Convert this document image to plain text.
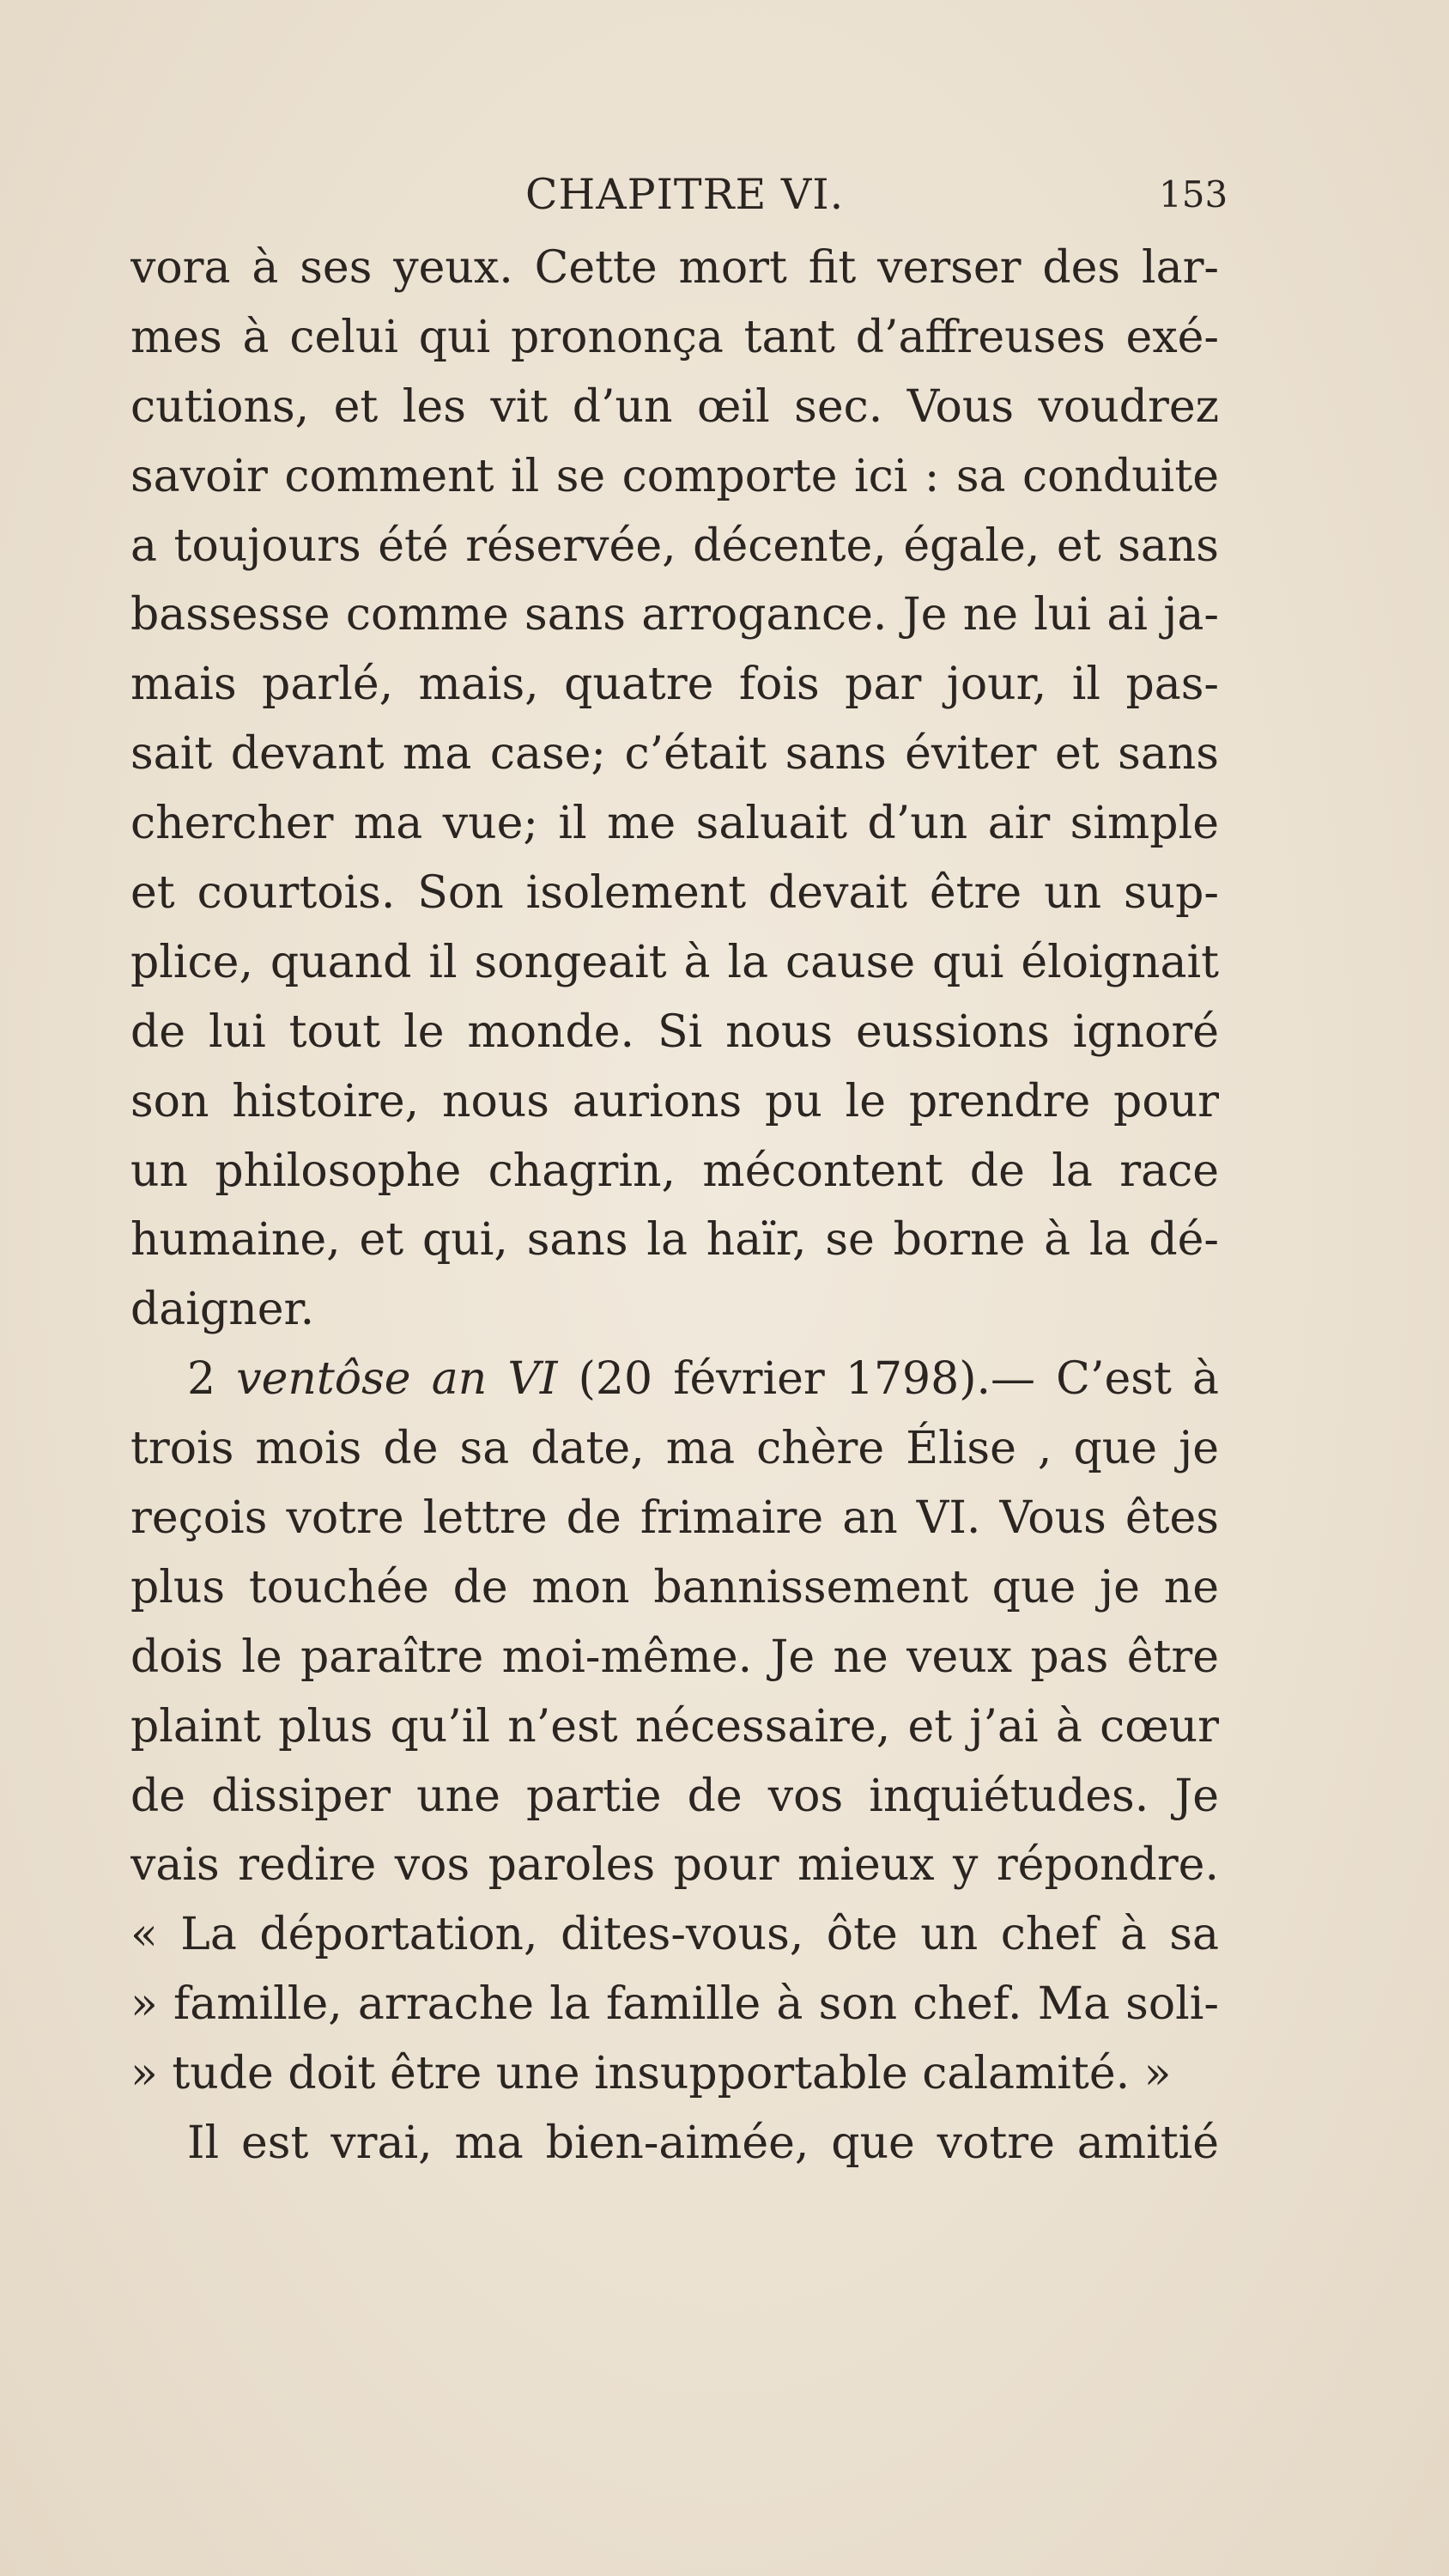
CHAPITRE VI.	153
vora à ses yeux. Cette mort fit verser des lar-
mes à celui qui prononça tant d’affreuses exé-
cutions, et les vit d’un œil sec. Vous voudrez
savoir comment il se comporte ici : sa conduite
a toujours été réservée, décente, égale, et sans
bassesse comme sans arrogance. Je ne lui ai ja-
mais parlé, mais, quatre fois par jour, il pas-
sait devant ma case; c’était sans éviter et sans
chercher ma vue; il me saluait d’un air simple
et courtois. Son isolement devait être un sup-
plice, quand il songeait à la cause qui éloignait
de lui tout le monde. Si nous eussions ignoré
son histoire, nous aurions pu le prendre pour
un philosophe chagrin, mécontent de la race
humaine, et qui, sans la haïr, se borne à la dé-
daigner.
2 ventôse an VI (20 février 1798).— C’est à
trois mois de sa date, ma chère Élise , que je
reçois votre lettre de frimaire an VI. Vous êtes
plus touchée de mon bannissement que je ne
dois le paraître moi-même. Je ne veux pas être
plaint plus qu’il n’est nécessaire, et j’ai à cœur
de dissiper une partie de vos inquiétudes. Je
vais redire vos paroles pour mieux y répondre.
« La déportation, dites-vous, ôte un chef à sa
» famille, arrache la famille à son chef. Ma soli-
» tude doit être une insupportable calamité. »
Il est vrai, ma bien-aimée, que votre amitié
